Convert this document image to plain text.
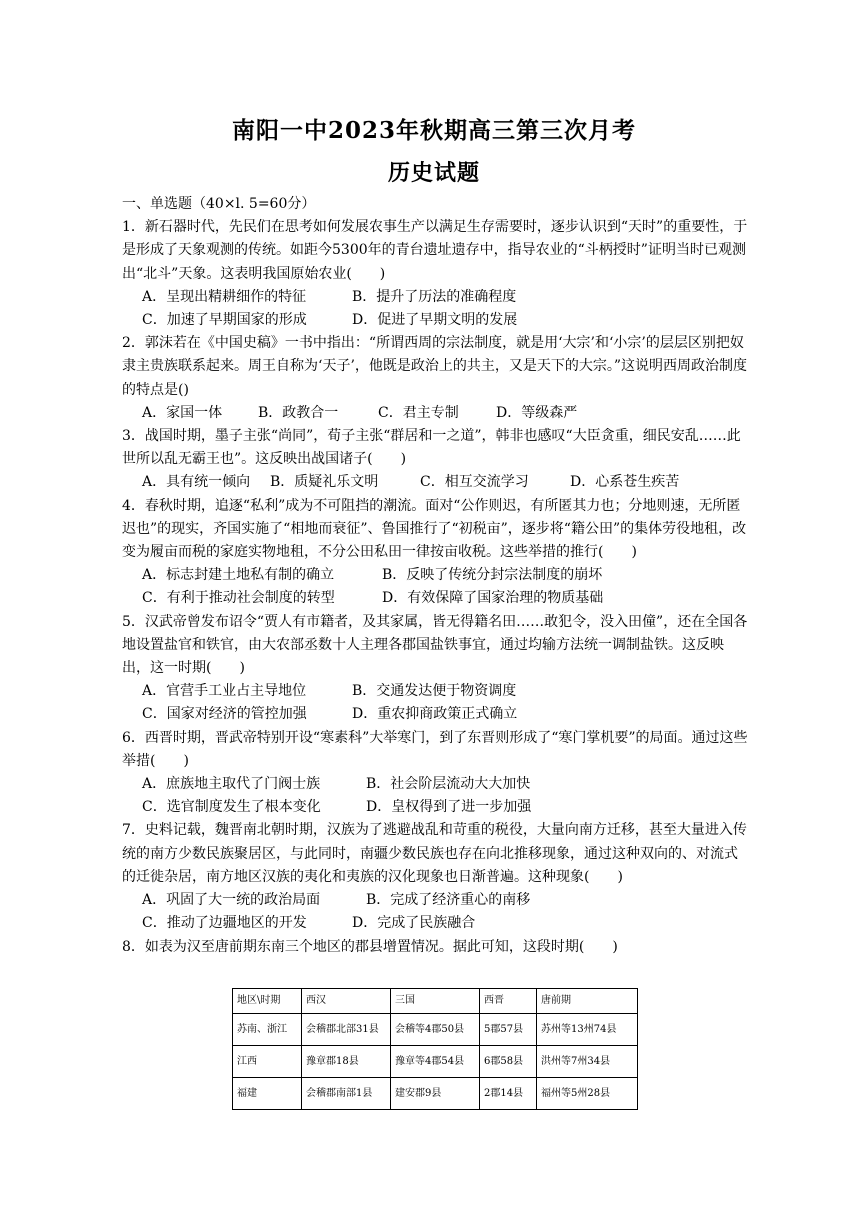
南阳一中2023年秋期高三第三次月考
历史试题

一、单选题（40×l. 5=60分）

1．新石器时代，先民们在思考如何发展农事生产以满足生存需要时，逐步认识到“天时”的重要性，于是形成了天象观测的传统。如距今5300年的青台遗址遗存中，指导农业的“斗柄授时”证明当时已观测出“北斗”天象。这表明我国原始农业(　　)

A．呈现出精耕细作的特征	B．提升了历法的准确程度

C．加速了早期国家的形成	D．促进了早期文明的发展

2．郭沫若在《中国史稿》一书中指出：“所谓西周的宗法制度，就是用‘大宗’和‘小宗’的层层区别把奴隶主贵族联系起来。周王自称为‘天子’，他既是政治上的共主，又是天下的大宗。”这说明西周政治制度的特点是()

A．家国一体	B．政教合一	C．君主专制	D．等级森严

3．战国时期，墨子主张“尚同”，荀子主张“群居和一之道”，韩非也感叹“大臣贪重，细民安乱……此世所以乱无霸王也”。这反映出战国诸子(　　)

A．具有统一倾向 B．质疑礼乐文明	C．相互交流学习	D．心系苍生疾苦

4．春秋时期，追逐“私利”成为不可阻挡的潮流。面对“公作则迟，有所匿其力也；分地则速，无所匿迟也”的现实，齐国实施了“相地而衰征”、鲁国推行了“初税亩”，逐步将“籍公田”的集体劳役地租，改变为履亩而税的家庭实物地租，不分公田私田一律按亩收税。这些举措的推行(　　)

A．标志封建土地私有制的确立	B．反映了传统分封宗法制度的崩坏

C．有利于推动社会制度的转型	D．有效保障了国家治理的物质基础

5．汉武帝曾发布诏令“贾人有市籍者，及其家属，皆无得籍名田……敢犯令，没入田僮”，还在全国各地设置盐官和铁官，由大农部丞数十人主理各郡国盐铁事宜，通过均输方法统一调制盐铁。这反映出，这一时期(　　)

A．官营手工业占主导地位	B．交通发达便于物资调度

C．国家对经济的管控加强	D．重农抑商政策正式确立

6．西晋时期，晋武帝特别开设“寒素科”大举寒门，到了东晋则形成了“寒门掌机要”的局面。通过这些举措(　　)

A．庶族地主取代了门阀士族	B．社会阶层流动大大加快

C．选官制度发生了根本变化	D．皇权得到了进一步加强

7．史料记载，魏晋南北朝时期，汉族为了逃避战乱和苛重的税役，大量向南方迁移，甚至大量进入传统的南方少数民族聚居区，与此同时，南疆少数民族也存在向北推移现象，通过这种双向的、对流式的迁徙杂居，南方地区汉族的夷化和夷族的汉化现象也日渐普遍。这种现象(　　)

A．巩固了大一统的政治局面	B．完成了经济重心的南移

C．推动了边疆地区的开发	D．完成了民族融合

8．如表为汉至唐前期东南三个地区的郡县增置情况。据此可知，这段时期(　　)

地区\时期	西汉	三国	西晋	唐前期
苏南、浙江	会稽郡北部31县	会稽等4郡50县	5郡57县	苏州等13州74县
江西	豫章郡18县	豫章等4郡54县	6郡58县	洪州等7州34县
福建	会稽郡南部1县	建安郡9县	2郡14县	福州等5州28县
